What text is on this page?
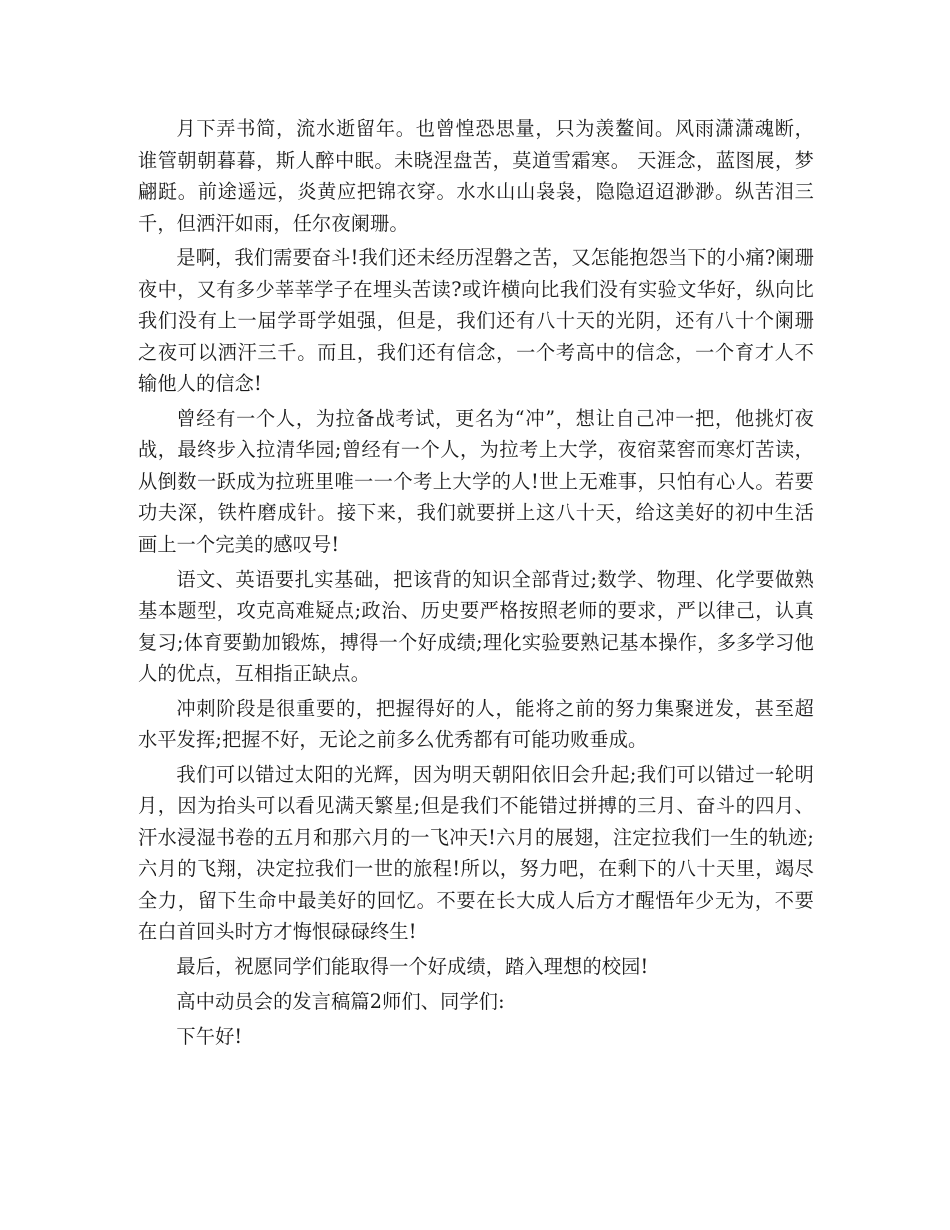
月下弄书简，流水逝留年。也曾惶恐思量，只为羡鳌间。风雨潇潇魂断，谁管朝朝暮暮，斯人醉中眠。未晓涅盘苦，莫道雪霜寒。 天涯念，蓝图展，梦翩跹。前途遥远，炎黄应把锦衣穿。水水山山袅袅，隐隐迢迢渺渺。纵苦泪三千，但洒汗如雨，任尔夜阑珊。

是啊，我们需要奋斗!我们还未经历涅磐之苦，又怎能抱怨当下的小痛?阑珊夜中，又有多少莘莘学子在埋头苦读?或许横向比我们没有实验文华好，纵向比我们没有上一届学哥学姐强，但是，我们还有八十天的光阴，还有八十个阑珊之夜可以洒汗三千。而且，我们还有信念，一个考高中的信念，一个育才人不输他人的信念!

曾经有一个人，为拉备战考试，更名为“冲”，想让自己冲一把，他挑灯夜战，最终步入拉清华园;曾经有一个人，为拉考上大学，夜宿菜窖而寒灯苦读，从倒数一跃成为拉班里唯一一个考上大学的人!世上无难事，只怕有心人。若要功夫深，铁杵磨成针。接下来，我们就要拼上这八十天，给这美好的初中生活画上一个完美的感叹号!

语文、英语要扎实基础，把该背的知识全部背过;数学、物理、化学要做熟基本题型，攻克高难疑点;政治、历史要严格按照老师的要求，严以律己，认真复习;体育要勤加锻炼，搏得一个好成绩;理化实验要熟记基本操作，多多学习他人的优点，互相指正缺点。

冲刺阶段是很重要的，把握得好的人，能将之前的努力集聚迸发，甚至超水平发挥;把握不好，无论之前多么优秀都有可能功败垂成。

我们可以错过太阳的光辉，因为明天朝阳依旧会升起;我们可以错过一轮明月，因为抬头可以看见满天繁星;但是我们不能错过拼搏的三月、奋斗的四月、汗水浸湿书卷的五月和那六月的一飞冲天!六月的展翅，注定拉我们一生的轨迹;六月的飞翔，决定拉我们一世的旅程!所以，努力吧，在剩下的八十天里，竭尽全力，留下生命中最美好的回忆。不要在长大成人后方才醒悟年少无为，不要在白首回头时方才悔恨碌碌终生!

最后，祝愿同学们能取得一个好成绩，踏入理想的校园!

高中动员会的发言稿篇2师们、同学们:

下午好!
